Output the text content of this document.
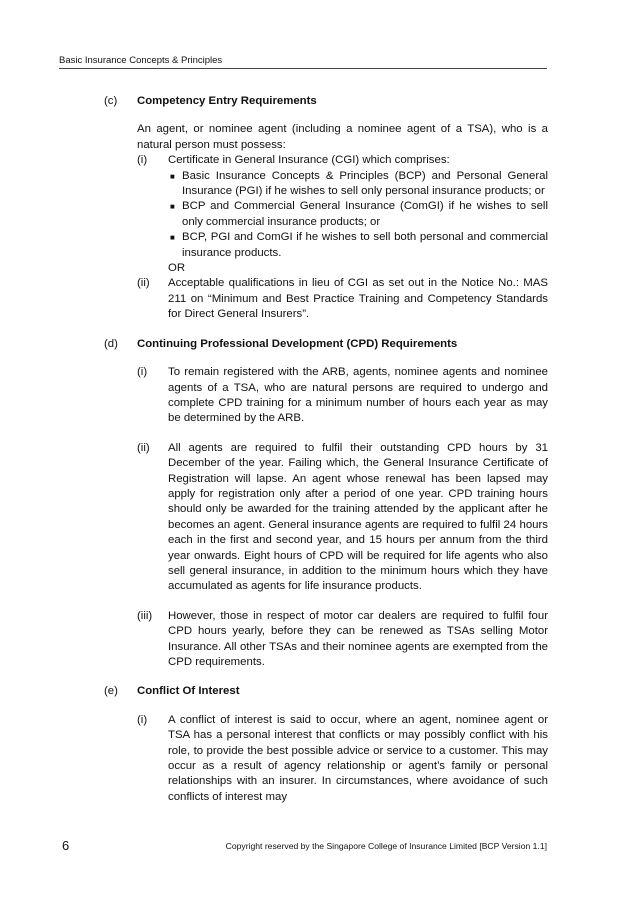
Basic Insurance Concepts & Principles
(c) Competency Entry Requirements
An agent, or nominee agent (including a nominee agent of a TSA), who is a natural person must possess:
(i) Certificate in General Insurance (CGI) which comprises:
■ Basic Insurance Concepts & Principles (BCP) and Personal General Insurance (PGI) if he wishes to sell only personal insurance products; or
■ BCP and Commercial General Insurance (ComGI) if he wishes to sell only commercial insurance products; or
■ BCP, PGI and ComGI if he wishes to sell both personal and commercial insurance products.
OR
(ii) Acceptable qualifications in lieu of CGI as set out in the Notice No.: MAS 211 on “Minimum and Best Practice Training and Competency Standards for Direct General Insurers”.
(d) Continuing Professional Development (CPD) Requirements
(i) To remain registered with the ARB, agents, nominee agents and nominee agents of a TSA, who are natural persons are required to undergo and complete CPD training for a minimum number of hours each year as may be determined by the ARB.
(ii) All agents are required to fulfil their outstanding CPD hours by 31 December of the year. Failing which, the General Insurance Certificate of Registration will lapse. An agent whose renewal has been lapsed may apply for registration only after a period of one year. CPD training hours should only be awarded for the training attended by the applicant after he becomes an agent. General insurance agents are required to fulfil 24 hours each in the first and second year, and 15 hours per annum from the third year onwards. Eight hours of CPD will be required for life agents who also sell general insurance, in addition to the minimum hours which they have accumulated as agents for life insurance products.
(iii) However, those in respect of motor car dealers are required to fulfil four CPD hours yearly, before they can be renewed as TSAs selling Motor Insurance. All other TSAs and their nominee agents are exempted from the CPD requirements.
(e) Conflict Of Interest
(i) A conflict of interest is said to occur, where an agent, nominee agent or TSA has a personal interest that conflicts or may possibly conflict with his role, to provide the best possible advice or service to a customer. This may occur as a result of agency relationship or agent’s family or personal relationships with an insurer. In circumstances, where avoidance of such conflicts of interest may
6	Copyright reserved by the Singapore College of Insurance Limited [BCP Version 1.1]
